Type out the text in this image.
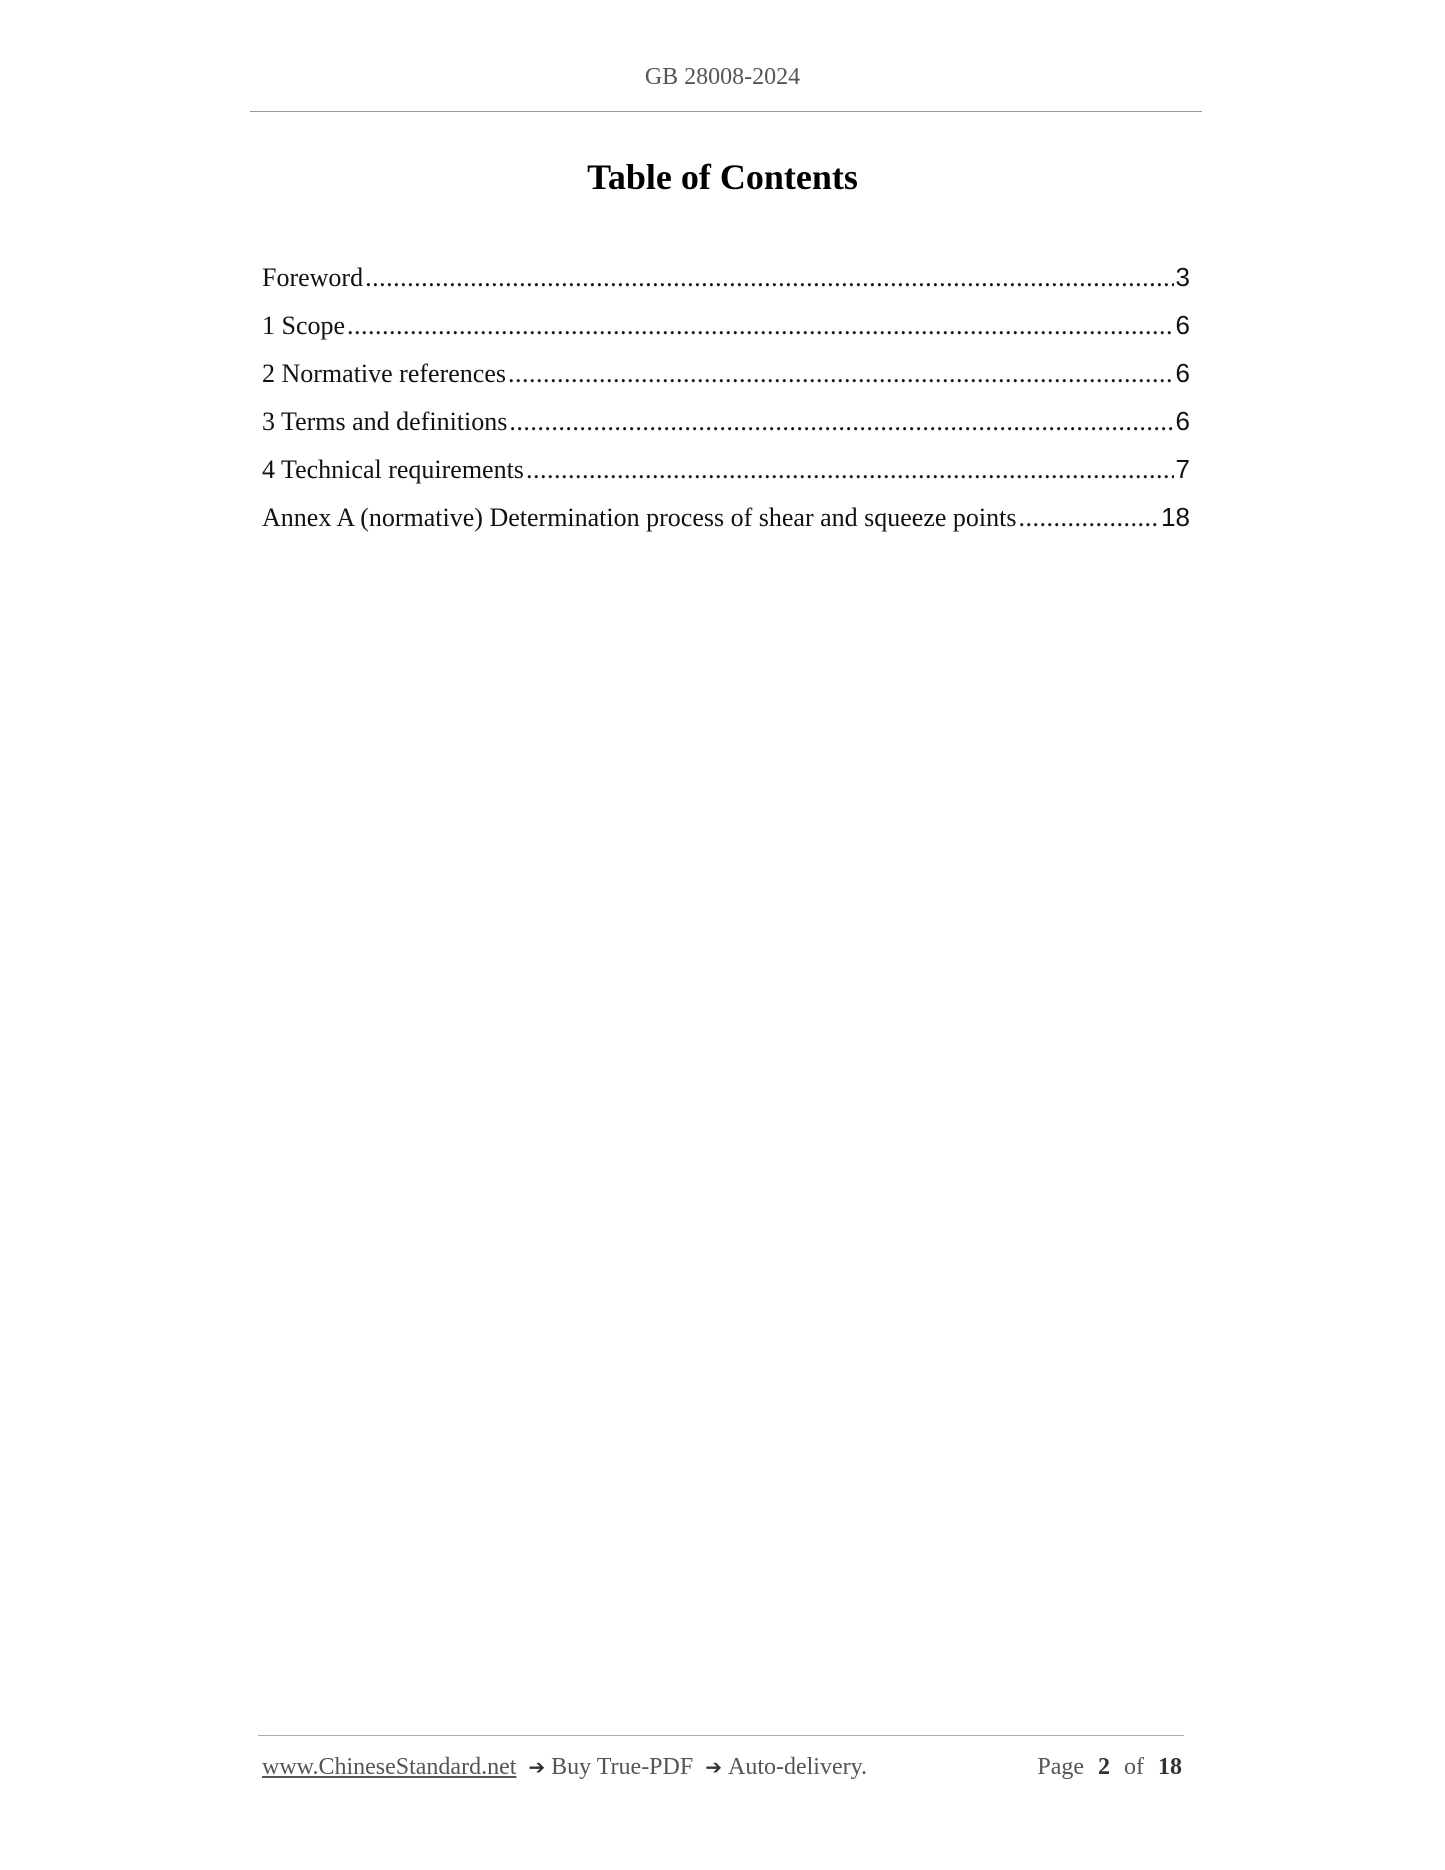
GB 28008-2024
Table of Contents
Foreword .....	3
1 Scope .....	6
2 Normative references .....	6
3 Terms and definitions .....	6
4 Technical requirements .....	7
Annex A (normative) Determination process of shear and squeeze points .....	18
www.ChineseStandard.net ➔ Buy True-PDF ➔ Auto-delivery.	Page 2 of 18
